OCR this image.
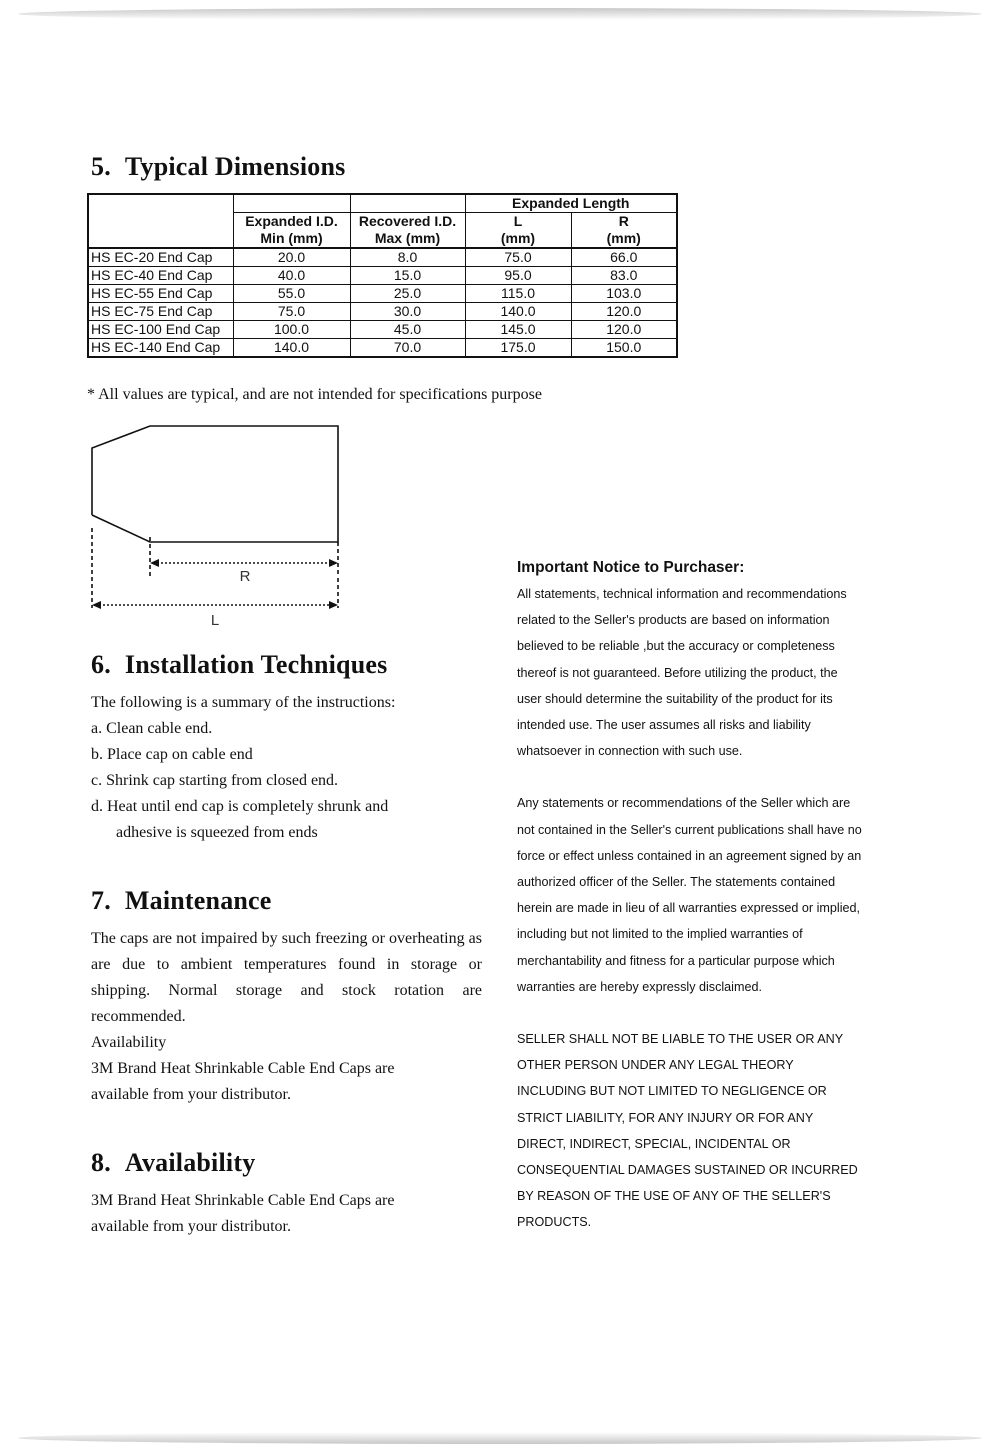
5. Typical Dimensions
			Expanded Length	
	Expanded I.D.	Recovered I.D.	L	R
	Min (mm)	Max (mm)	(mm)	(mm)
HS EC-20 End Cap	20.0	8.0	75.0	66.0
HS EC-40 End Cap	40.0	15.0	95.0	83.0
HS EC-55 End Cap	55.0	25.0	115.0	103.0
HS EC-75 End Cap	75.0	30.0	140.0	120.0
HS EC-100 End Cap	100.0	45.0	145.0	120.0
HS EC-140 End Cap	140.0	70.0	175.0	150.0
* All values are typical, and are not intended for specifications purpose
R
L
6. Installation Techniques
The following is a summary of the instructions:
a. Clean cable end.
b. Place cap on cable end
c. Shrink cap starting from closed end.
d. Heat until end cap is completely shrunk and
adhesive is squeezed from ends
7. Maintenance
The caps are not impaired by such freezing or overheating as are due to ambient temperatures found in storage or shipping. Normal storage and stock rotation are recommended.
Availability
3M Brand Heat Shrinkable Cable End Caps are
available from your distributor.
8. Availability
3M Brand Heat Shrinkable Cable End Caps are
available from your distributor.
Important Notice to Purchaser:

All statements, technical information and recommendations related to the Seller's products are based on information believed to be reliable ,but the accuracy or completeness thereof is not guaranteed. Before utilizing the product, the user should determine the suitability of the product for its intended use. The user assumes all risks and liability whatsoever in connection with such use.

Any statements or recommendations of the Seller which are not contained in the Seller's current publications shall have no force or effect unless contained in an agreement signed by an authorized officer of the Seller. The statements contained herein are made in lieu of all warranties expressed or implied, including but not limited to the implied warranties of merchantability and fitness for a particular purpose which warranties are hereby expressly disclaimed.

SELLER SHALL NOT BE LIABLE TO THE USER OR ANY OTHER PERSON UNDER ANY LEGAL THEORY INCLUDING BUT NOT LIMITED TO NEGLIGENCE OR STRICT LIABILITY, FOR ANY INJURY OR FOR ANY DIRECT, INDIRECT, SPECIAL, INCIDENTAL OR CONSEQUENTIAL DAMAGES SUSTAINED OR INCURRED BY REASON OF THE USE OF ANY OF THE SELLER'S PRODUCTS.
